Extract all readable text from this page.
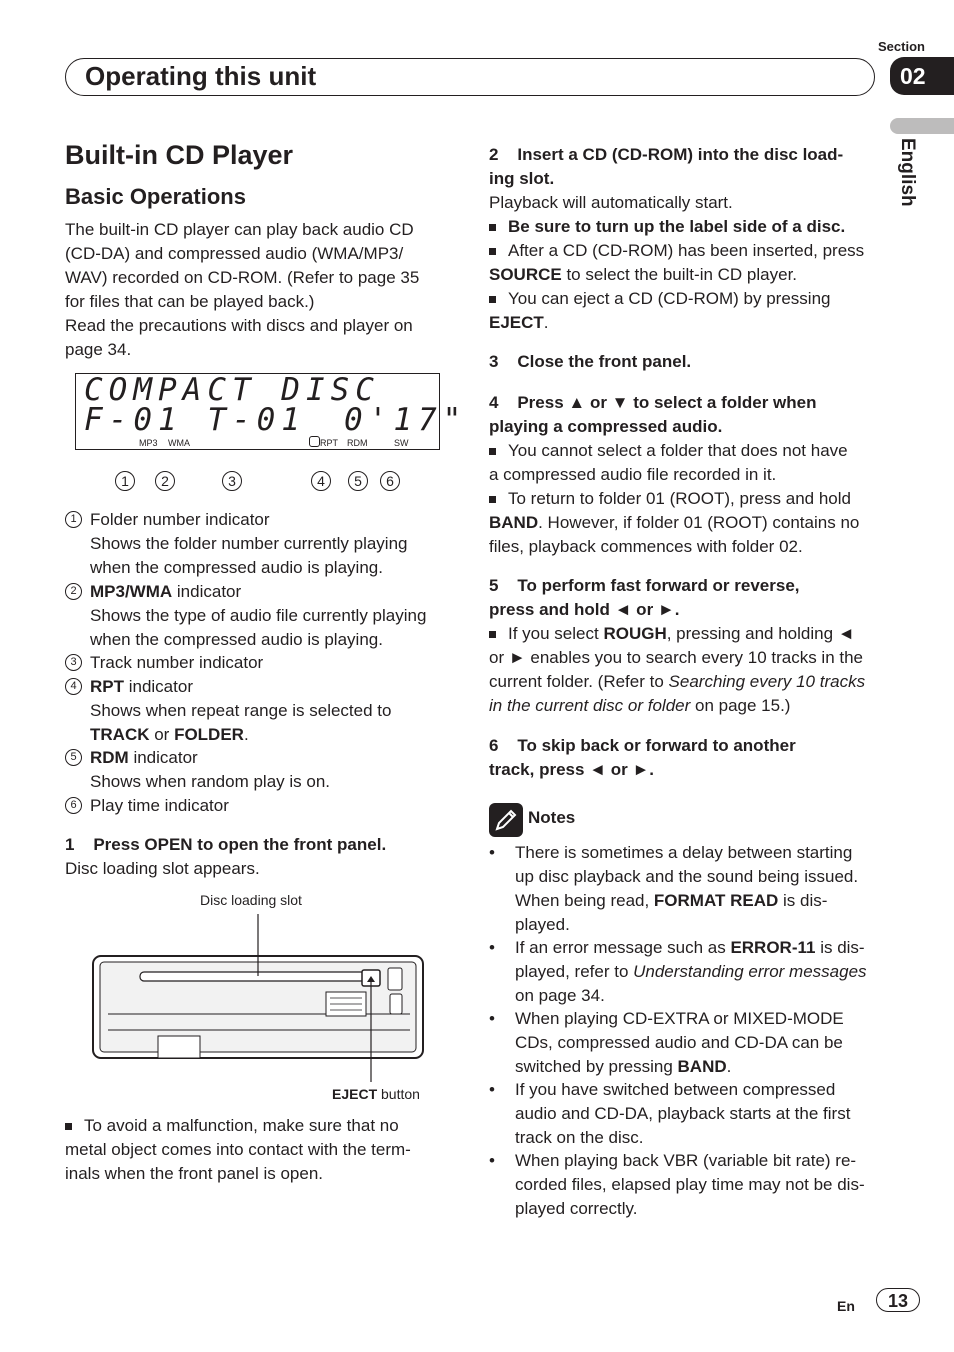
Section
02
Operating this unit
English
Built-in CD Player
Basic Operations
The built-in CD player can play back audio CD
(CD-DA) and compressed audio (WMA/MP3/
WAV) recorded on CD-ROM. (Refer to page 35
for files that can be played back.)
Read the precautions with discs and player on
page 34.
COMPACT DISC
F-01 T-01 0'17"
MP3 WMA	RPT RDM	SW
1	2	3	4	5	6
1 Folder number indicator
Shows the folder number currently playing
when the compressed audio is playing.
2 MP3/WMA indicator
Shows the type of audio file currently playing
when the compressed audio is playing.
3 Track number indicator
4 RPT indicator
Shows when repeat range is selected to
TRACK or FOLDER.
5 RDM indicator
Shows when random play is on.
6 Play time indicator
1    Press OPEN to open the front panel.
Disc loading slot appears.
Disc loading slot
EJECT button
To avoid a malfunction, make sure that no
metal object comes into contact with the term-
inals when the front panel is open.
2    Insert a CD (CD-ROM) into the disc load-
ing slot.
Playback will automatically start.
Be sure to turn up the label side of a disc.
After a CD (CD-ROM) has been inserted, press
SOURCE to select the built-in CD player.
You can eject a CD (CD-ROM) by pressing
EJECT.
3    Close the front panel.
4    Press ▲ or ▼ to select a folder when
playing a compressed audio.
You cannot select a folder that does not have
a compressed audio file recorded in it.
To return to folder 01 (ROOT), press and hold
BAND. However, if folder 01 (ROOT) contains no
files, playback commences with folder 02.
5    To perform fast forward or reverse,
press and hold ◄ or ►.
If you select ROUGH, pressing and holding ◄
or ► enables you to search every 10 tracks in the
current folder. (Refer to Searching every 10 tracks
in the current disc or folder on page 15.)
6    To skip back or forward to another
track, press ◄ or ►.
Notes
• There is sometimes a delay between starting
up disc playback and the sound being issued.
When being read, FORMAT READ is dis-
played.
• If an error message such as ERROR-11 is dis-
played, refer to Understanding error messages
on page 34.
• When playing CD-EXTRA or MIXED-MODE
CDs, compressed audio and CD-DA can be
switched by pressing BAND.
• If you have switched between compressed
audio and CD-DA, playback starts at the first
track on the disc.
• When playing back VBR (variable bit rate) re-
corded files, elapsed play time may not be dis-
played correctly.
En	13
